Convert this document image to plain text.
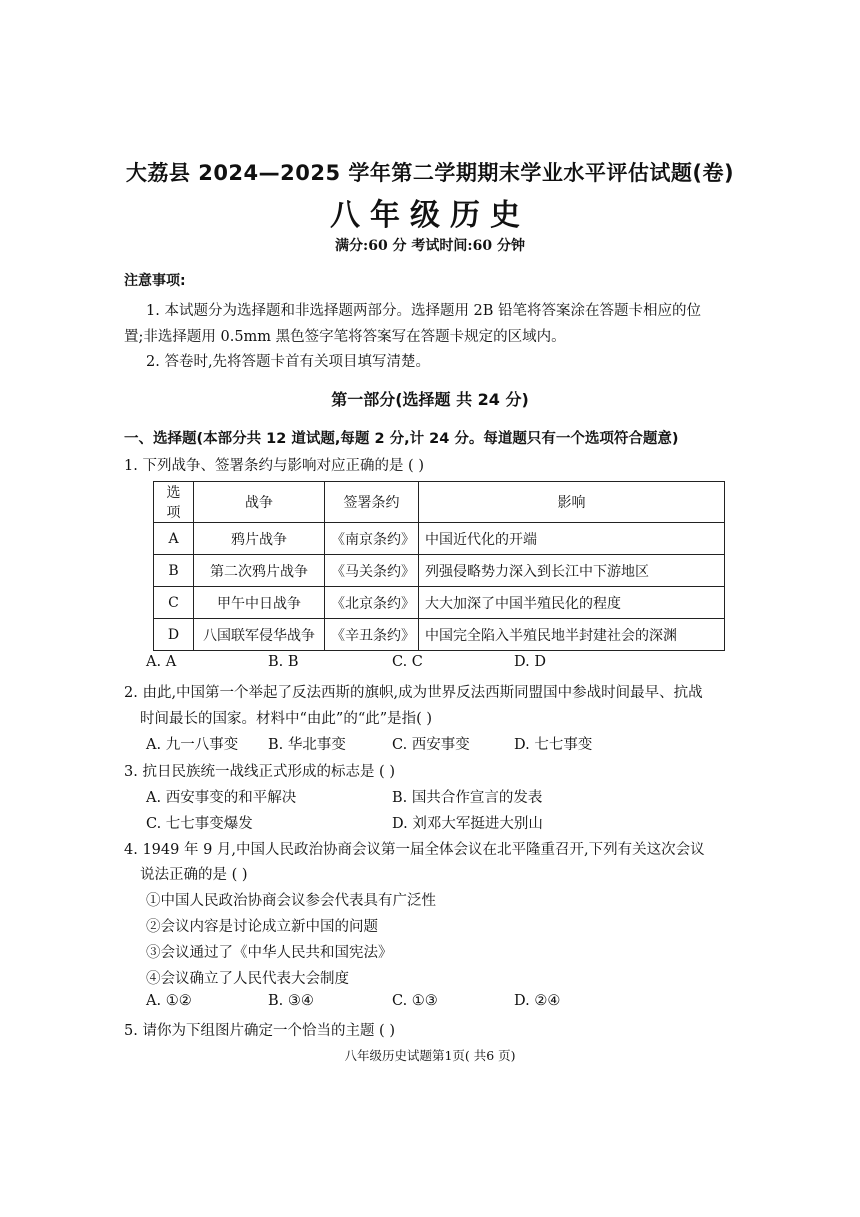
大荔县 2024—2025 学年第二学期期末学业水平评估试题(卷)
八年级历史
满分:60 分 考试时间:60 分钟
注意事项:
1. 本试题分为选择题和非选择题两部分。选择题用 2B 铅笔将答案涂在答题卡相应的位
置;非选择题用 0.5mm 黑色签字笔将答案写在答题卡规定的区域内。
2. 答卷时,先将答题卡首有关项目填写清楚。
第一部分(选择题 共 24 分)
一、选择题(本部分共 12 道试题,每题 2 分,计 24 分。每道题只有一个选项符合题意)
1. 下列战争、签署条约与影响对应正确的是 ( )
选项	战争	签署条约	影响
A	鸦片战争	《南京条约》	中国近代化的开端
B	第二次鸦片战争	《马关条约》	列强侵略势力深入到长江中下游地区
C	甲午中日战争	《北京条约》	大大加深了中国半殖民化的程度
D	八国联军侵华战争	《辛丑条约》	中国完全陷入半殖民地半封建社会的深渊
A. A	B. B	C. C	D. D
2. 由此,中国第一个举起了反法西斯的旗帜,成为世界反法西斯同盟国中参战时间最早、抗战
时间最长的国家。材料中“由此”的“此”是指( )
A. 九一八事变 B. 华北事变	C. 西安事变	D. 七七事变
3. 抗日民族统一战线正式形成的标志是 ( )
A. 西安事变的和平解决	B. 国共合作宣言的发表
C. 七七事变爆发	D. 刘邓大军挺进大别山
4. 1949 年 9 月,中国人民政治协商会议第一届全体会议在北平隆重召开,下列有关这次会议
说法正确的是 ( )
①中国人民政治协商会议参会代表具有广泛性
②会议内容是讨论成立新中国的问题
③会议通过了《中华人民共和国宪法》
④会议确立了人民代表大会制度
A. ①②	B. ③④	C. ①③	D. ②④
5. 请你为下组图片确定一个恰当的主题 ( )
八年级历史试题第1页( 共6 页)
